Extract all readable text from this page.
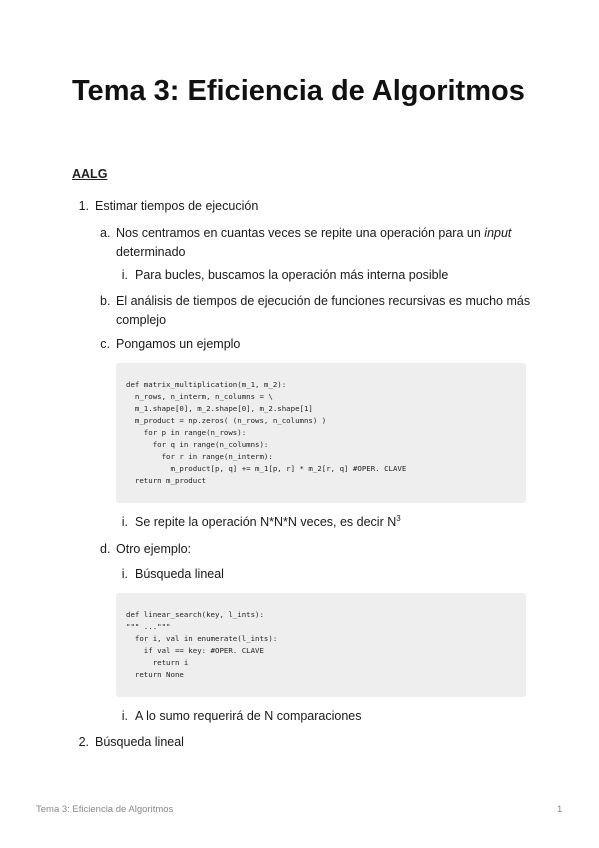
Tema 3: Eficiencia de Algoritmos
AALG
1. Estimar tiempos de ejecución
a. Nos centramos en cuantas veces se repite una operación para un input determinado
i. Para bucles, buscamos la operación más interna posible
b. El análisis de tiempos de ejecución de funciones recursivas es mucho más complejo
c. Pongamos un ejemplo
def matrix_multiplication(m_1, m_2):
n_rows, n_interm, n_columns = \
m_1.shape[0], m_2.shape[0], m_2.shape[1]
m_product = np.zeros( (n_rows, n_columns) )
for p in range(n_rows):
for q in range(n_columns):
for r in range(n_interm):
m_product[p, q] += m_1[p, r] * m_2[r, q] #OPER. CLAVE
return m_product
i. Se repite la operación N*N*N veces, es decir $N^3$
d. Otro ejemplo:
i. Búsqueda lineal
def linear_search(key, l_ints):
""" ..."""
for i, val in enumerate(l_ints):
if val == key: #OPER. CLAVE
return i
return None
i. A lo sumo requerirá de N comparaciones
2. Búsqueda lineal
Tema 3: Eficiencia de Algoritmos	1
